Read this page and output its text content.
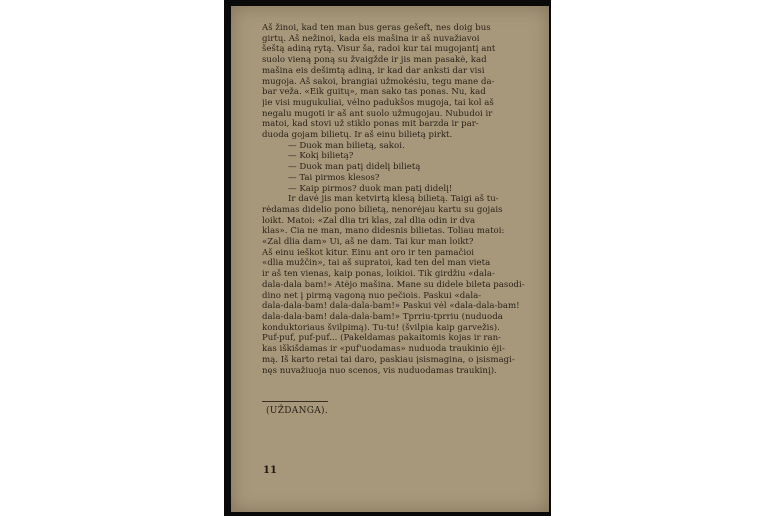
Aš žinoi, kad ten man bus geras gešeft, nes doig bus
girtų. Aš nežinoi, kada eis mašina ir aš nuvažiavoi
šeštą adiną rytą. Visur ša, radoi kur tai mugojantį ant
suolo vieną poną su žvaigžde ir jis man pasakė, kad
mašina eis dešimtą adiną, ir kad dar anksti dar visi
mugoja. Aš sakoi, brangiai užmokėsiu, tegu mane da-
bar veža. «Eik guitų», man sako tas ponas. Nu, kad
jie visi mugukuliai, vėlno padukšos mugoja, tai kol aš
negalu mugoti ir aš ant suolo užmugojau. Nubudoi ir
matoi, kad stovi už stiklo ponas mit barzda ir par-
duoda gojam bilietų. Ir aš einu bilietą pirkt.
— Duok man bilietą, sakoi.
— Kokį bilietą?
— Duok man patį didelį bilietą
— Tai pirmos klesos?
— Kaip pirmos? duok man patį didelį!
Ir davė jis man ketvirtą klesą bilietą. Taigi aš tu-
rėdamas didelio pono bilietą, nenorėjau kartu su gojais
loikt. Matoi: «Zal dlia tri klas, zal dlia odin ir dva
klas». Čia ne man, mano didesnis bilietas. Toliau matoi:
«Zal dlia dam» Ui, aš ne dam. Tai kur man loikt?
Aš einu ieškot kitur. Einu ant oro ir ten pamačioi
«dlia mužčin», tai aš supratoi, kad ten del man vieta
ir aš ten vienas, kaip ponas, loikioi. Tik girdžiu «dala-
dala-dala bam!» Atėjo mašina. Mane su didele bileta pasodi-
dino net į pirmą vagoną nuo pečiois. Paskui «dala-
dala-dala-bam! dala-dala-bam!» Paskui vėl «dala-dala-bam!
dala-dala-bam! dala-dala-bam!» Tprriu-tprriu (nuduoda
konduktoriaus švilpimą). Tu-tu! (švilpia kaip garvežis).
Puf-puf, puf-puf... (Pakeldamas pakaitomis kojas ir ran-
kas iškišdamas ir «puf'uodamas» nuduoda traukinio ėji-
mą. Iš karto retai tai daro, paskiau įsismagina, o įsismagi-
nęs nuvažiuoja nuo scenos, vis nuduodamas traukinį).
(UŽDANGA).
11
